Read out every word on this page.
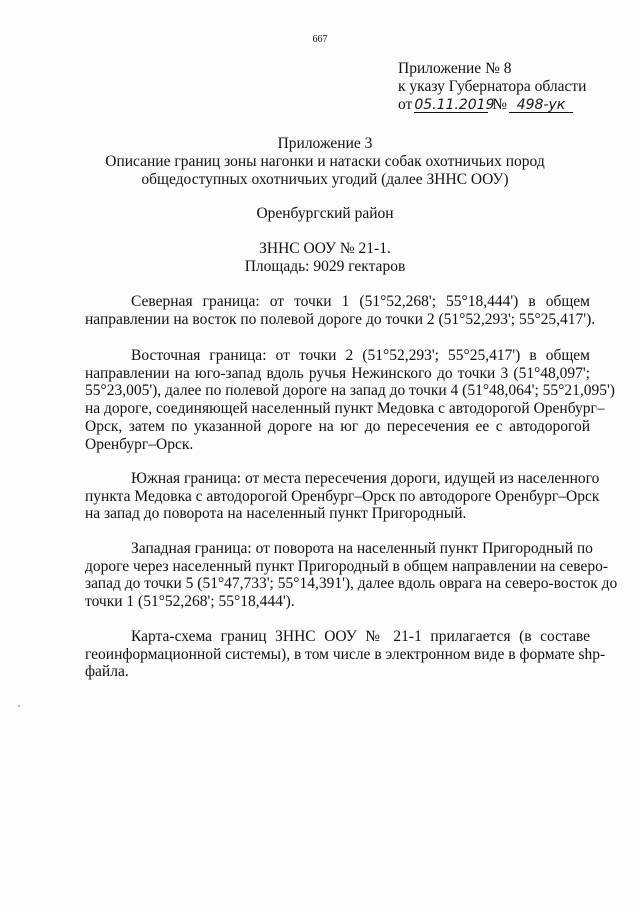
667
Приложение № 8
к указу Губернатора области
от 05.11.2019 № 498-ук
Приложение 3
Описание границ зоны нагонки и натаски собак охотничьих пород
общедоступных охотничьих угодий (далее ЗННС ООУ)
Оренбургский район
ЗННС ООУ № 21-1.
Площадь: 9029 гектаров
Северная граница: от точки 1 (51°52,268'; 55°18,444') в общем
направлении на восток по полевой дороге до точки 2 (51°52,293'; 55°25,417').
Восточная граница: от точки 2 (51°52,293'; 55°25,417') в общем
направлении на юго-запад вдоль ручья Нежинского до точки 3 (51°48,097';
55°23,005'), далее по полевой дороге на запад до точки 4 (51°48,064'; 55°21,095')
на дороге, соединяющей населенный пункт Медовка с автодорогой Оренбург–
Орск, затем по указанной дороге на юг до пересечения ее с автодорогой
Оренбург–Орск.
Южная граница: от места пересечения дороги, идущей из населенного
пункта Медовка с автодорогой Оренбург–Орск по автодороге Оренбург–Орск
на запад до поворота на населенный пункт Пригородный.
Западная граница: от поворота на населенный пункт Пригородный по
дороге через населенный пункт Пригородный в общем направлении на северо-
запад до точки 5 (51°47,733'; 55°14,391'), далее вдоль оврага на северо-восток до
точки 1 (51°52,268'; 55°18,444').
Карта-схема границ ЗННС ООУ № 21-1 прилагается (в составе
геоинформационной системы), в том числе в электронном виде в формате shp-
файла.
